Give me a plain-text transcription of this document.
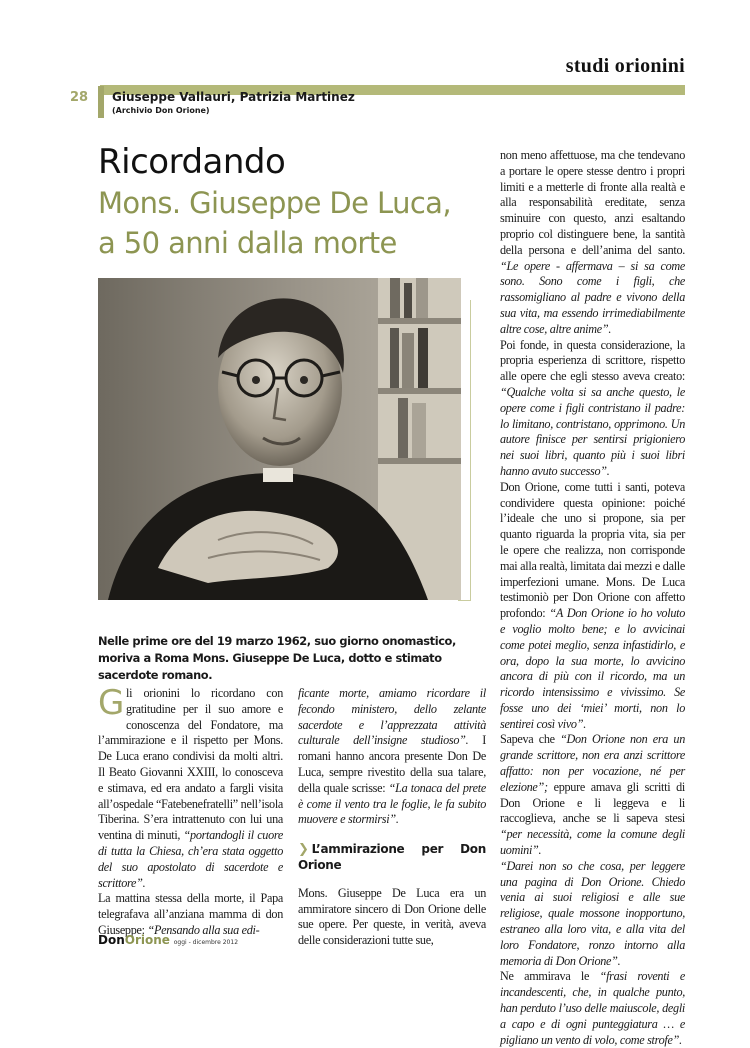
studi orionini
28 Giuseppe Vallauri, Patrizia Martinez
(Archivio Don Orione)
Ricordando
Mons. Giuseppe De Luca,
a 50 anni dalla morte
Nelle prime ore del 19 marzo 1962, suo giorno onomastico, moriva a Roma Mons. Giuseppe De Luca, dotto e stimato sacerdote romano.

Gli orionini lo ricordano con gratitudine per il suo amore e conoscenza del Fondatore, ma l’ammirazione e il rispetto per Mons. De Luca erano condivisi da molti altri. Il Beato Giovanni XXIII, lo conosceva e stimava, ed era andato a fargli visita all’ospedale “Fatebenefratelli” nell’isola Tiberina. S’era intrattenuto con lui una ventina di minuti, “portandogli il cuore di tutta la Chiesa, ch’era stata oggetto del suo apostolato di sacerdote e scrittore”.

La mattina stessa della morte, il Papa telegrafava all’anziana mamma di don Giuseppe: “Pensando alla sua edi-

ficante morte, amiamo ricordare il fecondo ministero, dello zelante sacerdote e l’apprezzata attività culturale dell’insigne studioso”. I romani hanno ancora presente Don De Luca, sempre rivestito della sua talare, della quale scrisse: “La tonaca del prete è come il vento tra le foglie, le fa subito muovere e stormirsi”.

❯ L’ammirazione per Don Orione

Mons. Giuseppe De Luca era un ammiratore sincero di Don Orione delle sue opere. Per queste, in verità, aveva delle considerazioni tutte sue,

non meno affettuose, ma che tendevano a portare le opere stesse dentro i propri limiti e a metterle di fronte alla realtà e alla responsabilità ereditate, senza sminuire con questo, anzi esaltando proprio col distinguere bene, la santità della persona e dell’anima del santo. “Le opere - affermava – si sa come sono. Sono come i figli, che rassomigliano al padre e vivono della sua vita, ma essendo irrimediabilmente altre cose, altre anime”.

Poi fonde, in questa considerazione, la propria esperienza di scrittore, rispetto alle opere che egli stesso aveva creato: “Qualche volta si sa anche questo, le opere come i figli contristano il padre: lo limitano, contristano, opprimono. Un autore finisce per sentirsi prigioniero nei suoi libri, quanto più i suoi libri hanno avuto successo”.

Don Orione, come tutti i santi, poteva condividere questa opinione: poiché l’ideale che uno si propone, sia per quanto riguarda la propria vita, sia per le opere che realizza, non corrisponde mai alla realtà, limitata dai mezzi e dalle imperfezioni umane. Mons. De Luca testimoniò per Don Orione con affetto profondo: “A Don Orione io ho voluto e voglio molto bene; e lo avvicinai come potei meglio, senza infastidirlo, e ora, dopo la sua morte, lo avvicino ancora di più con il ricordo, ma un ricordo intensissimo e vivissimo. Se fosse uno dei ‘miei’ morti, non lo sentirei così vivo”.

Sapeva che “Don Orione non era un grande scrittore, non era anzi scrittore affatto: non per vocazione, né per elezione”; eppure amava gli scritti di Don Orione e li leggeva e li raccoglieva, anche se li sapeva stesi “per necessità, come la comune degli uomini”.

“Darei non so che cosa, per leggere una pagina di Don Orione. Chiedo venia ai suoi religiosi e alle sue religiose, quale mossone inopportuno, estraneo alla loro vita, e alla vita del loro Fondatore, ronzo intorno alla memoria di Don Orione”.

Ne ammirava le “frasi roventi e incandescenti, che, in qualche punto, han perduto l’uso delle maiuscole, degli a capo e di ogni punteggiatura … e pigliano un vento di volo, come strofe”.

DonOrione oggi - dicembre 2012
